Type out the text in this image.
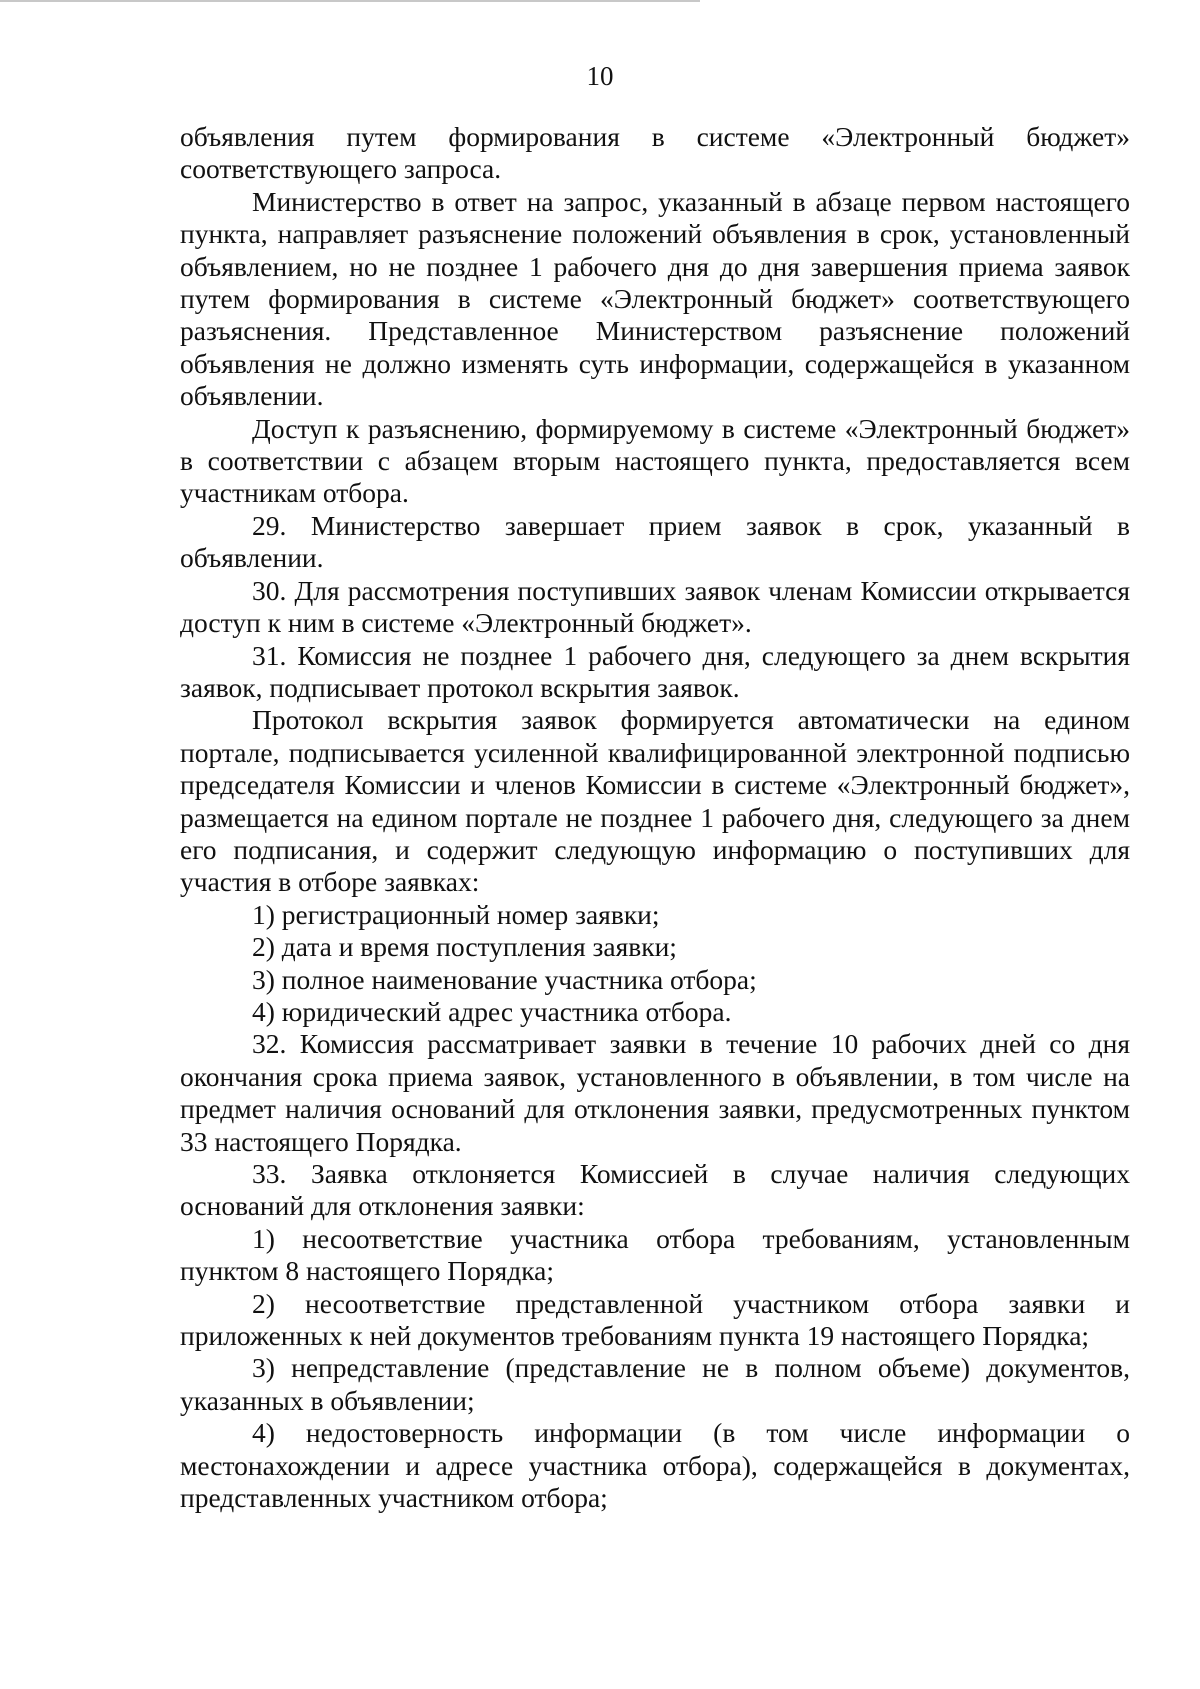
10

объявления путем формирования в системе «Электронный бюджет» соответствующего запроса.

Министерство в ответ на запрос, указанный в абзаце первом настоящего пункта, направляет разъяснение положений объявления в срок, установленный объявлением, но не позднее 1 рабочего дня до дня завершения приема заявок путем формирования в системе «Электронный бюджет» соответствующего разъяснения. Представленное Министерством разъяснение положений объявления не должно изменять суть информации, содержащейся в указанном объявлении.

Доступ к разъяснению, формируемому в системе «Электронный бюджет» в соответствии с абзацем вторым настоящего пункта, предоставляется всем участникам отбора.

29. Министерство завершает прием заявок в срок, указанный в объявлении.

30. Для рассмотрения поступивших заявок членам Комиссии открывается доступ к ним в системе «Электронный бюджет».

31. Комиссия не позднее 1 рабочего дня, следующего за днем вскрытия заявок, подписывает протокол вскрытия заявок.

Протокол вскрытия заявок формируется автоматически на едином портале, подписывается усиленной квалифицированной электронной подписью председателя Комиссии и членов Комиссии в системе «Электронный бюджет», размещается на едином портале не позднее 1 рабочего дня, следующего за днем его подписания, и содержит следующую информацию о поступивших для участия в отборе заявках:

1) регистрационный номер заявки;

2) дата и время поступления заявки;

3) полное наименование участника отбора;

4) юридический адрес участника отбора.

32. Комиссия рассматривает заявки в течение 10 рабочих дней со дня окончания срока приема заявок, установленного в объявлении, в том числе на предмет наличия оснований для отклонения заявки, предусмотренных пунктом 33 настоящего Порядка.

33. Заявка отклоняется Комиссией в случае наличия следующих оснований для отклонения заявки:

1) несоответствие участника отбора требованиям, установленным пунктом 8 настоящего Порядка;

2) несоответствие представленной участником отбора заявки и приложенных к ней документов требованиям пункта 19 настоящего Порядка;

3) непредставление (представление не в полном объеме) документов, указанных в объявлении;

4) недостоверность информации (в том числе информации о местонахождении и адресе участника отбора), содержащейся в документах, представленных участником отбора;
